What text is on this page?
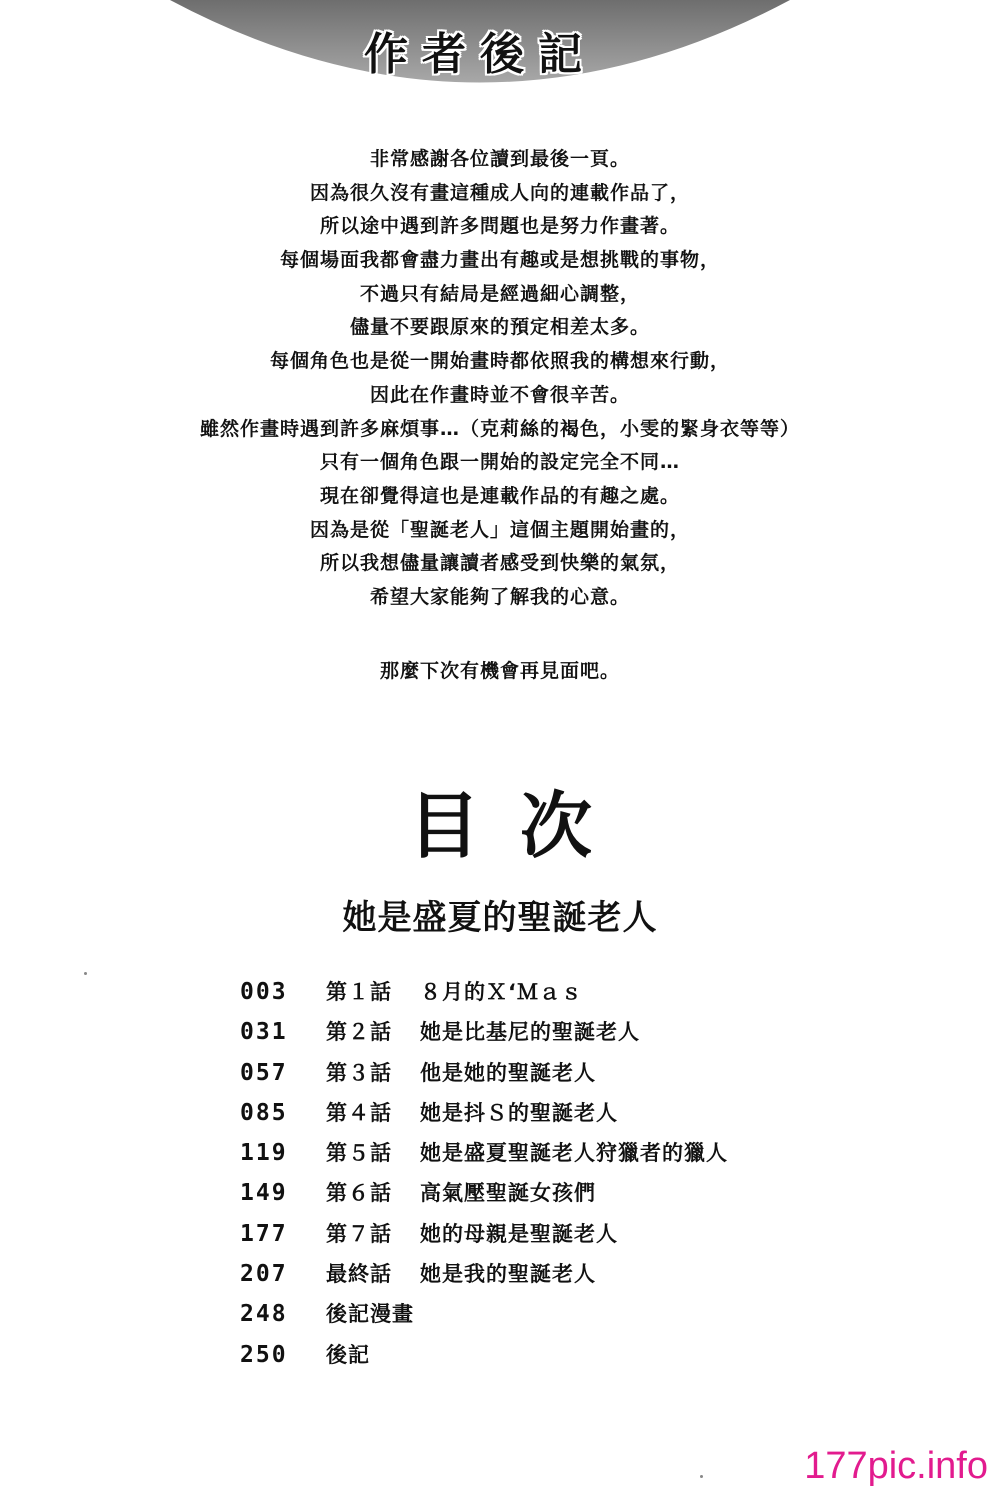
作者後記
非常感謝各位讀到最後一頁。
因為很久沒有畫這種成人向的連載作品了，
所以途中遇到許多問題也是努力作畫著。
每個場面我都會盡力畫出有趣或是想挑戰的事物，
不過只有結局是經過細心調整，
儘量不要跟原來的預定相差太多。
每個角色也是從一開始畫時都依照我的構想來行動，
因此在作畫時並不會很辛苦。
雖然作畫時遇到許多麻煩事…（克莉絲的褐色，小雯的緊身衣等等）
只有一個角色跟一開始的設定完全不同…
現在卻覺得這也是連載作品的有趣之處。
因為是從「聖誕老人」這個主題開始畫的，
所以我想儘量讓讀者感受到快樂的氣氛，
希望大家能夠了解我的心意。
那麼下次有機會再見面吧。
目次
她是盛夏的聖誕老人
003 第１話 ８月的Ｘ‘Ｍａｓ
031 第２話 她是比基尼的聖誕老人
057 第３話 他是她的聖誕老人
085 第４話 她是抖Ｓ的聖誕老人
119 第５話 她是盛夏聖誕老人狩獵者的獵人
149 第６話 高氣壓聖誕女孩們
177 第７話 她的母親是聖誕老人
207 最終話 她是我的聖誕老人
248 後記漫畫
250 後記
177pic.info
